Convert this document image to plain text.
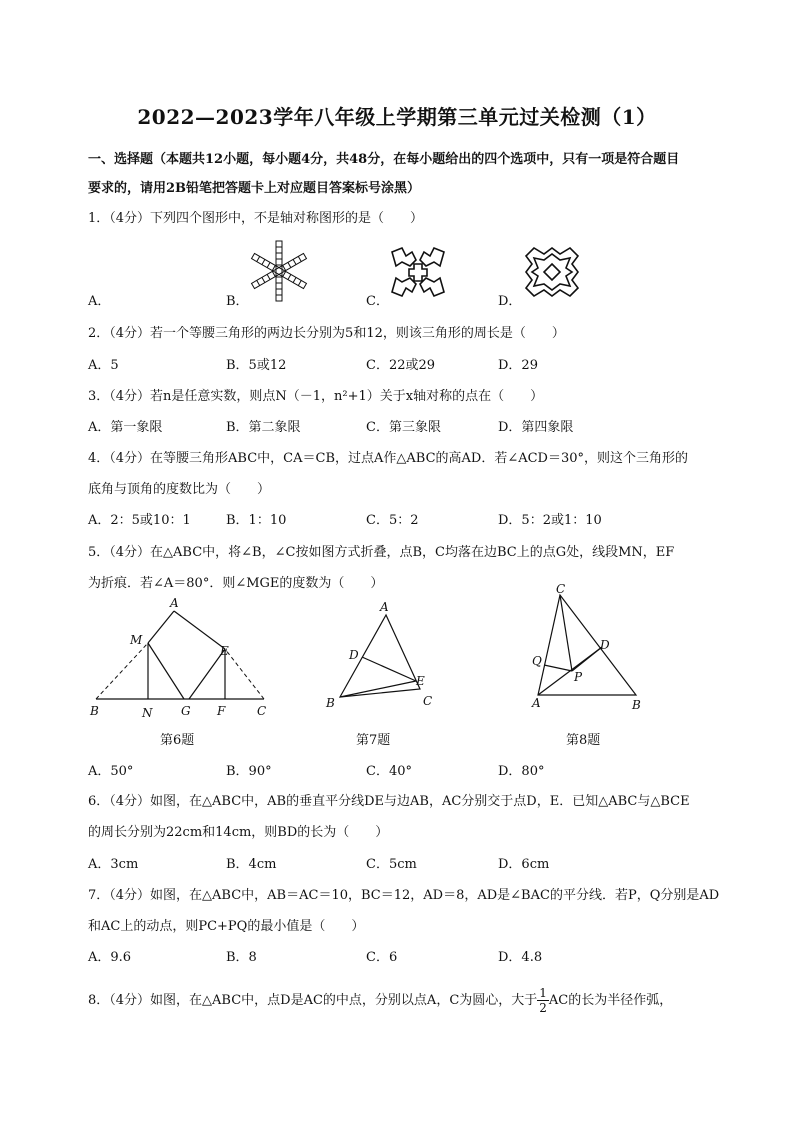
2022—2023学年八年级上学期第三单元过关检测（1）
一、选择题（本题共12小题，每小题4分，共48分，在每小题给出的四个选项中，只有一项是符合题目
要求的，请用2B铅笔把答题卡上对应题目答案标号涂黑）
1．（4分）下列四个图形中，不是轴对称图形的是（　　）
A．	B．	C．	D．
2．（4分）若一个等腰三角形的两边长分别为5和12，则该三角形的周长是（　　）
A．5	B．5或12	C．22或29	D．29
3．（4分）若n是任意实数，则点N（－1，n²+1）关于x轴对称的点在（　　）
A．第一象限	B．第二象限	C．第三象限	D．第四象限
4．（4分）在等腰三角形ABC中，CA＝CB，过点A作△ABC的高AD．若∠ACD＝30°，则这个三角形的
底角与顶角的度数比为（　　）
A．2：5或10：1	B．1：10	C．5：2	D．5：2或1：10
5．（4分）在△ABC中，将∠B，∠C按如图方式折叠，点B，C均落在边BC上的点G处，线段MN，EF
为折痕．若∠A＝80°．则∠MGE的度数为（　　）
A
M
E
B	N G F	C
A
D
E
B	C
C
D
Q
P
A	B
第6题	第7题	第8题
A．50°	B．90°	C．40°	D．80°
6．（4分）如图，在△ABC中，AB的垂直平分线DE与边AB，AC分别交于点D，E．已知△ABC与△BCE
的周长分别为22cm和14cm，则BD的长为（　　）
A．3cm	B．4cm	C．5cm	D．6cm
7．（4分）如图，在△ABC中，AB＝AC＝10，BC＝12，AD＝8，AD是∠BAC的平分线．若P，Q分别是AD
和AC上的动点，则PC+PQ的最小值是（　　）
A．9.6	B．8	C．6	D．4.8
8．（4分）如图，在△ABC中，点D是AC的中点，分别以点A，C为圆心，大于 $\frac{1}{2}$ AC的长为半径作弧，
